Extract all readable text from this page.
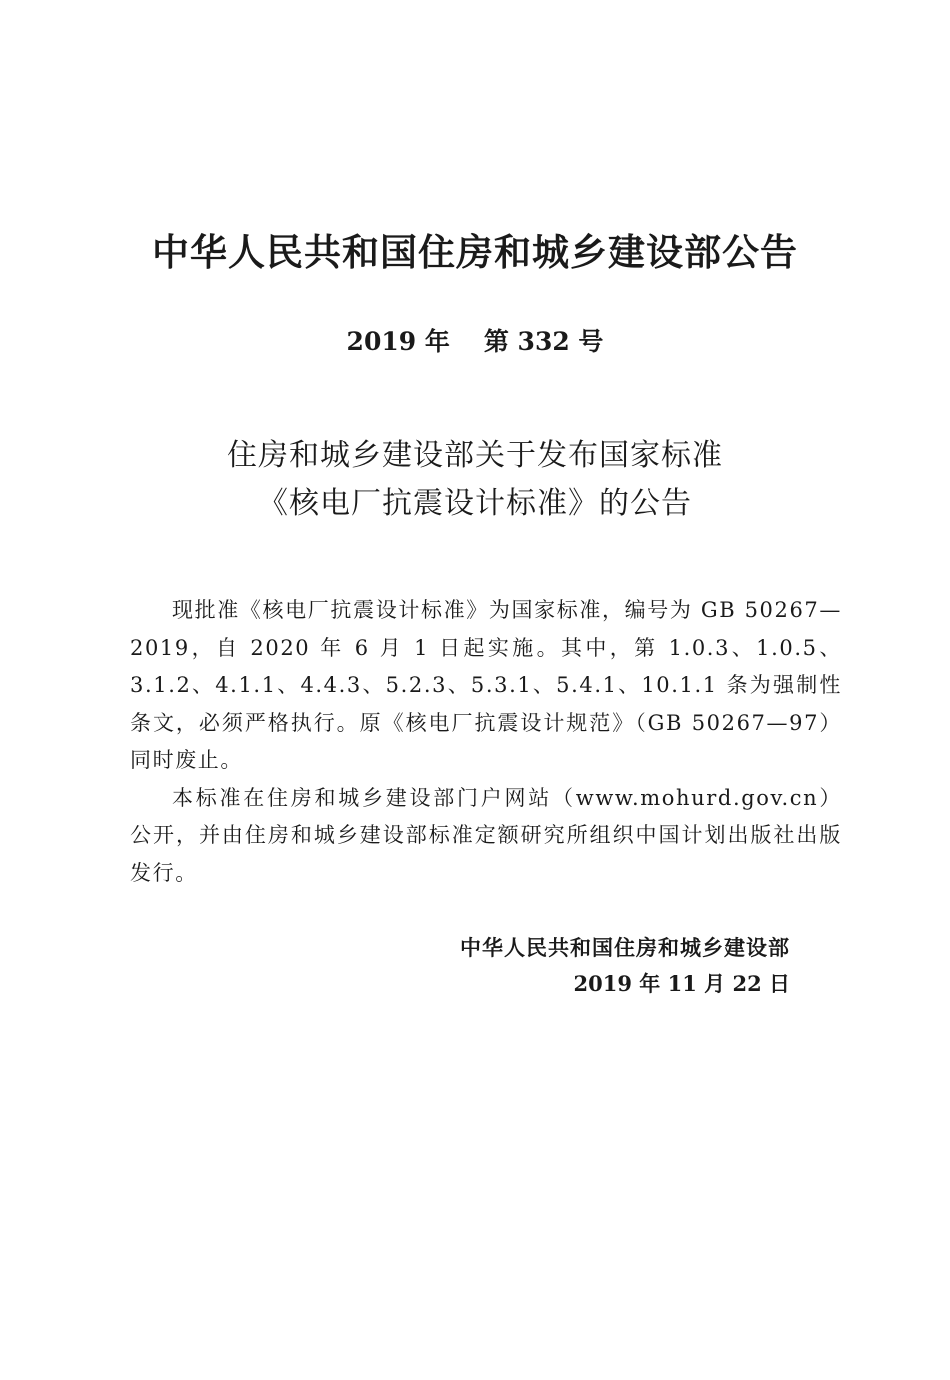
中华人民共和国住房和城乡建设部公告
2019 年 第 332 号
住房和城乡建设部关于发布国家标准
《核电厂抗震设计标准》的公告

现批准《核电厂抗震设计标准》为国家标准，编号为 GB 50267—2019，自 2020 年 6 月 1 日起实施。其中，第 1.0.3、1.0.5、3.1.2、4.1.1、4.4.3、5.2.3、5.3.1、5.4.1、10.1.1 条为强制性条文，必须严格执行。原《核电厂抗震设计规范》（GB 50267—97）同时废止。

本标准在住房和城乡建设部门户网站（www.mohurd.gov.cn）公开，并由住房和城乡建设部标准定额研究所组织中国计划出版社出版发行。

中华人民共和国住房和城乡建设部
2019 年 11 月 22 日
